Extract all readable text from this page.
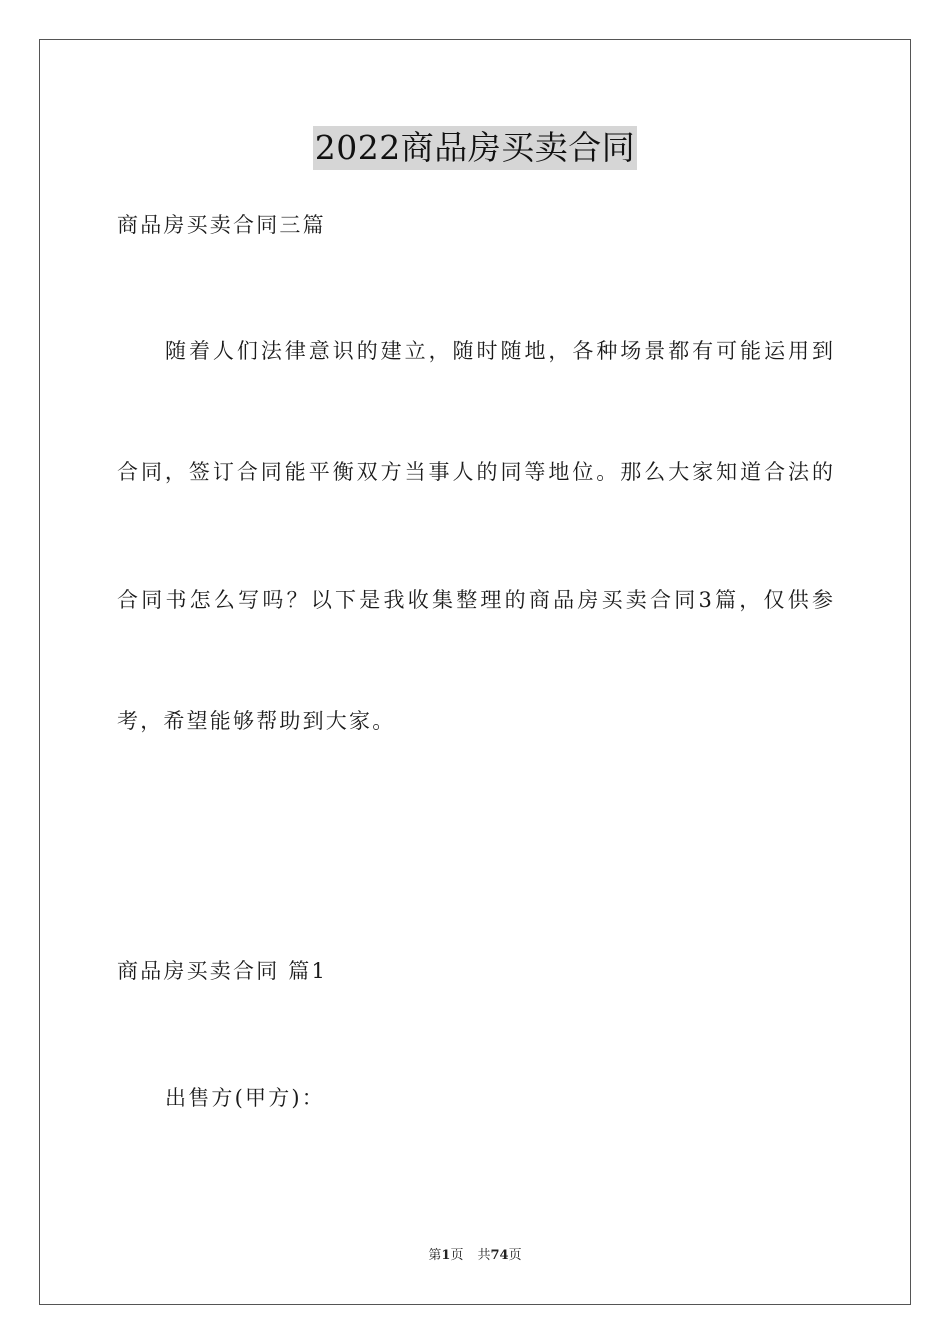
2022商品房买卖合同
商品房买卖合同三篇
随着人们法律意识的建立，随时随地，各种场景都有可能运用到
合同，签订合同能平衡双方当事人的同等地位。那么大家知道合法的
合同书怎么写吗？以下是我收集整理的商品房买卖合同3篇，仅供参
考，希望能够帮助到大家。
商品房买卖合同 篇1
出售方(甲方)：
第1页 共74页
